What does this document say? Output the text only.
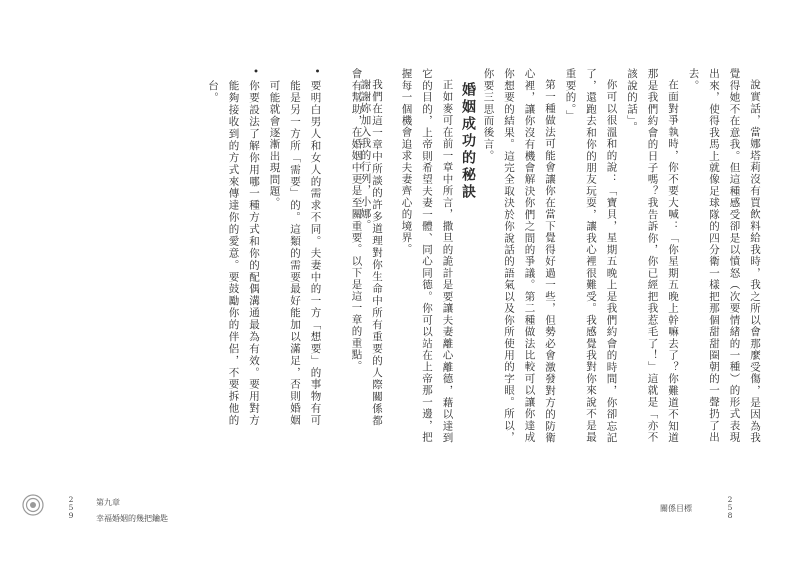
說實話，當娜塔莉沒有買飲料給我時，我之所以會那麼受傷，是因為我覺得她不在意我。但這種感受卻是以憤怒（次要情緒的一種）的形式表現出來，使得我馬上就像足球隊的四分衛一樣把那個甜甜圈朝的一聲扔了出去。

在面對爭執時，你不要大喊：「你星期五晚上幹嘛去了？你難道不知道那是我們約會的日子嗎？我告訴你，你已經把我惹毛了！」這就是「亦不該說的話」。

你可以很溫和的說：「寶貝，星期五晚上是我們約會的時間，你卻忘記了，還跑去和你的朋友玩耍，讓我心裡很難受。我感覺我對你來說不是最重要的。」

第一種做法可能會讓你在當下覺得好過一些，但勢必會激發對方的防衛心裡，讓你沒有機會解決你們之間的爭議。第二種做法比較可以讓你達成你想要的結果。這完全取決於你說話的語氣以及你所使用的字眼。所以，你要三思而後言。

婚姻成功的秘訣

正如麥可在前一章中所言，撒旦的詭計是要讓夫妻離心離德，藉以達到它的目的，上帝則希望夫妻一體、同心同德。你可以站在上帝那一邊，把握每一個機會追求夫妻齊心的境界。

謝謝妳加入我的行列，小娜。 我們在這一章中所談的許多道理對你生命中所有重要的人際關係都會有幫助，在婚姻中更是至關重要。以下是這一章的重點。

• 要明白男人和女人的需求不同。夫妻中的一方「想要」的事物有可能是另一方所「需要」的。這類的需要最好能加以滿足，否則婚姻可能就會逐漸出現問題。
• 你要設法了解你用哪一種方式和你的配偶溝通最為有效。要用對方能夠接收到的方式來傳達你的愛意。要鼓勵你的伴侶，不要拆他的台。
259
第九章
幸福婚姻的幾把鑰匙
關係目標
258
